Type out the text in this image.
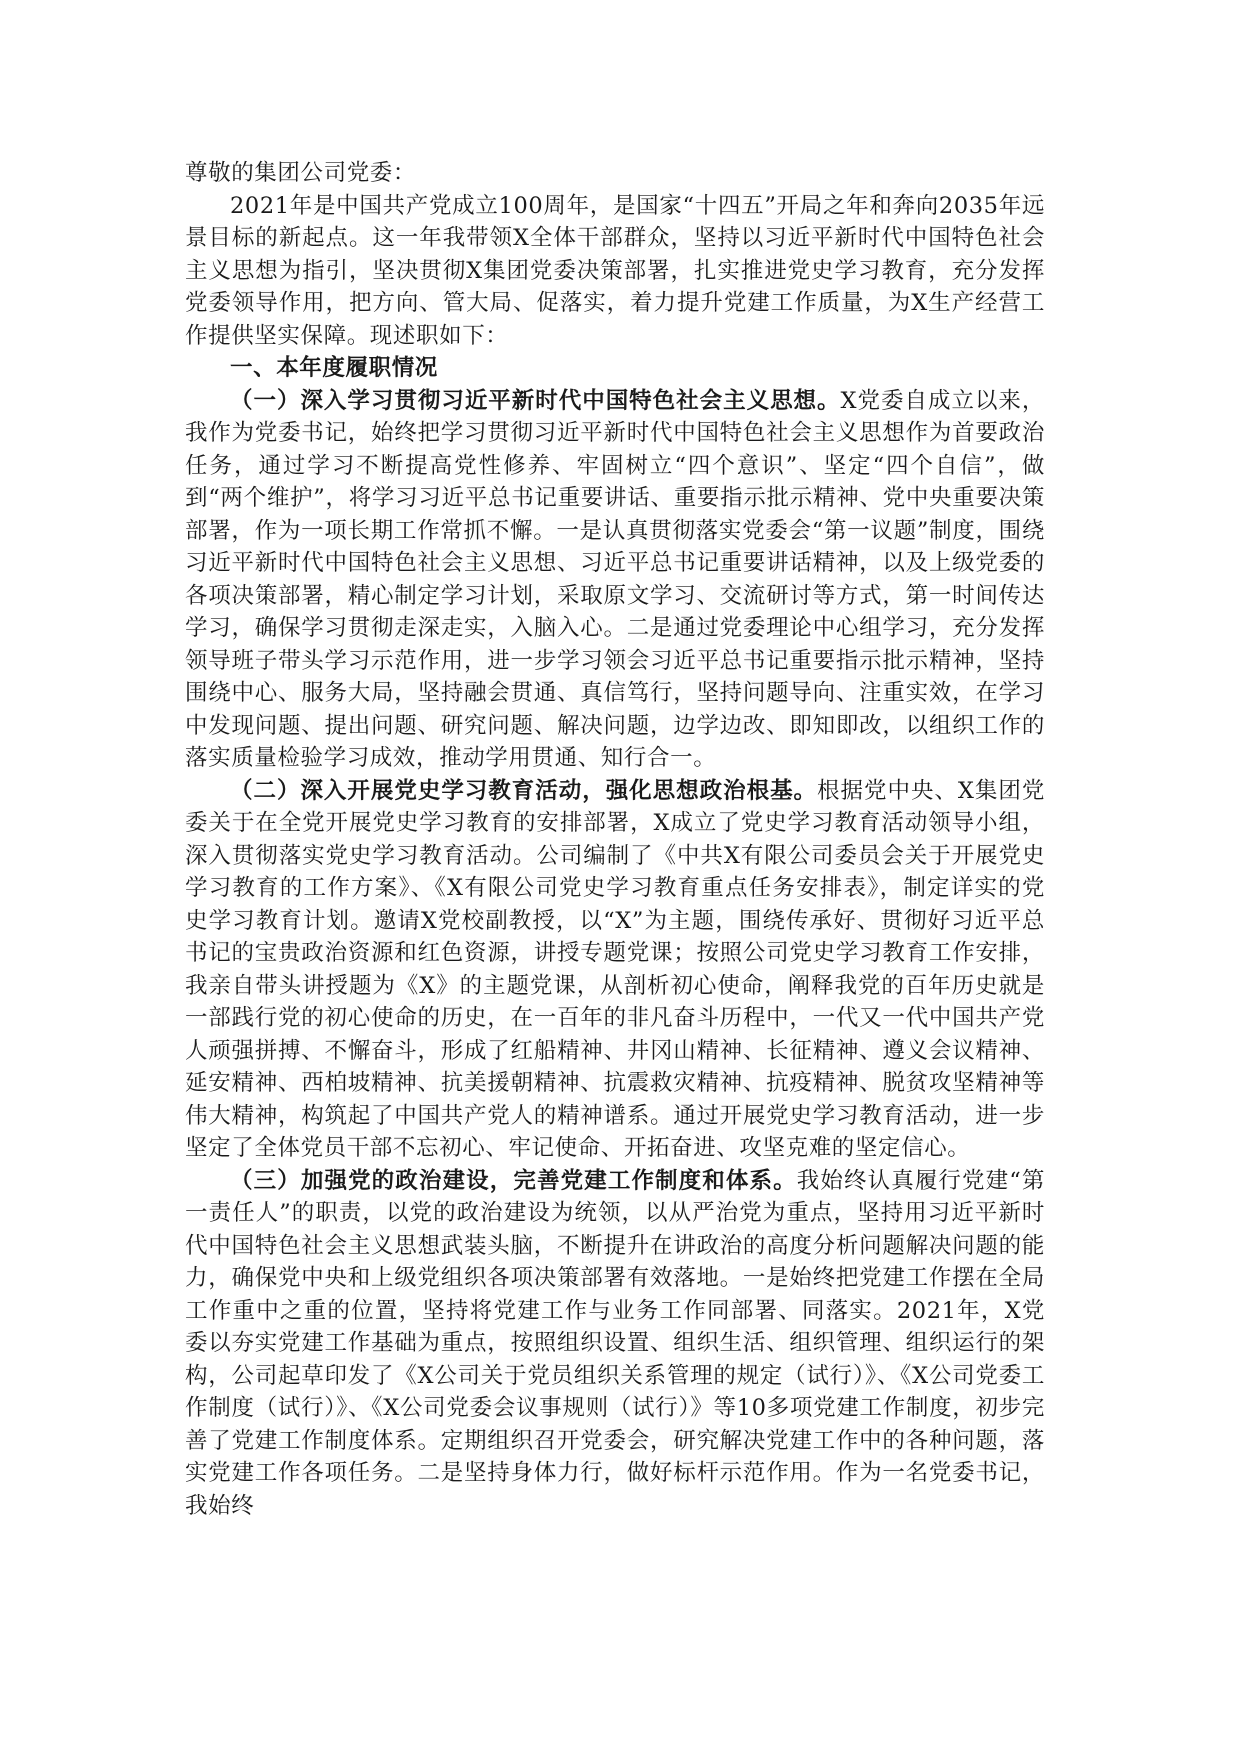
尊敬的集团公司党委：

2021年是中国共产党成立100周年，是国家“十四五”开局之年和奔向2035年远景目标的新起点。这一年我带领X全体干部群众，坚持以习近平新时代中国特色社会主义思想为指引，坚决贯彻X集团党委决策部署，扎实推进党史学习教育，充分发挥党委领导作用，把方向、管大局、促落实，着力提升党建工作质量，为X生产经营工作提供坚实保障。现述职如下：

一、本年度履职情况

（一）深入学习贯彻习近平新时代中国特色社会主义思想。X党委自成立以来，我作为党委书记，始终把学习贯彻习近平新时代中国特色社会主义思想作为首要政治任务，通过学习不断提高党性修养、牢固树立“四个意识”、坚定“四个自信”，做到“两个维护”，将学习习近平总书记重要讲话、重要指示批示精神、党中央重要决策部署，作为一项长期工作常抓不懈。一是认真贯彻落实党委会“第一议题”制度，围绕习近平新时代中国特色社会主义思想、习近平总书记重要讲话精神，以及上级党委的各项决策部署，精心制定学习计划，采取原文学习、交流研讨等方式，第一时间传达学习，确保学习贯彻走深走实，入脑入心。二是通过党委理论中心组学习，充分发挥领导班子带头学习示范作用，进一步学习领会习近平总书记重要指示批示精神，坚持围绕中心、服务大局，坚持融会贯通、真信笃行，坚持问题导向、注重实效，在学习中发现问题、提出问题、研究问题、解决问题，边学边改、即知即改，以组织工作的落实质量检验学习成效，推动学用贯通、知行合一。

（二）深入开展党史学习教育活动，强化思想政治根基。根据党中央、X集团党委关于在全党开展党史学习教育的安排部署，X成立了党史学习教育活动领导小组，深入贯彻落实党史学习教育活动。公司编制了《中共X有限公司委员会关于开展党史学习教育的工作方案》、《X有限公司党史学习教育重点任务安排表》，制定详实的党史学习教育计划。邀请X党校副教授，以“X”为主题，围绕传承好、贯彻好习近平总书记的宝贵政治资源和红色资源，讲授专题党课；按照公司党史学习教育工作安排，我亲自带头讲授题为《X》的主题党课，从剖析初心使命，阐释我党的百年历史就是一部践行党的初心使命的历史，在一百年的非凡奋斗历程中，一代又一代中国共产党人顽强拼搏、不懈奋斗，形成了红船精神、井冈山精神、长征精神、遵义会议精神、延安精神、西柏坡精神、抗美援朝精神、抗震救灾精神、抗疫精神、脱贫攻坚精神等伟大精神，构筑起了中国共产党人的精神谱系。通过开展党史学习教育活动，进一步坚定了全体党员干部不忘初心、牢记使命、开拓奋进、攻坚克难的坚定信心。

（三）加强党的政治建设，完善党建工作制度和体系。我始终认真履行党建“第一责任人”的职责，以党的政治建设为统领，以从严治党为重点，坚持用习近平新时代中国特色社会主义思想武装头脑，不断提升在讲政治的高度分析问题解决问题的能力，确保党中央和上级党组织各项决策部署有效落地。一是始终把党建工作摆在全局工作重中之重的位置，坚持将党建工作与业务工作同部署、同落实。2021年，X党委以夯实党建工作基础为重点，按照组织设置、组织生活、组织管理、组织运行的架构，公司起草印发了《X公司关于党员组织关系管理的规定（试行）》、《X公司党委工作制度（试行）》、《X公司党委会议事规则（试行）》等10多项党建工作制度，初步完善了党建工作制度体系。定期组织召开党委会，研究解决党建工作中的各种问题，落实党建工作各项任务。二是坚持身体力行，做好标杆示范作用。作为一名党委书记，我始终
